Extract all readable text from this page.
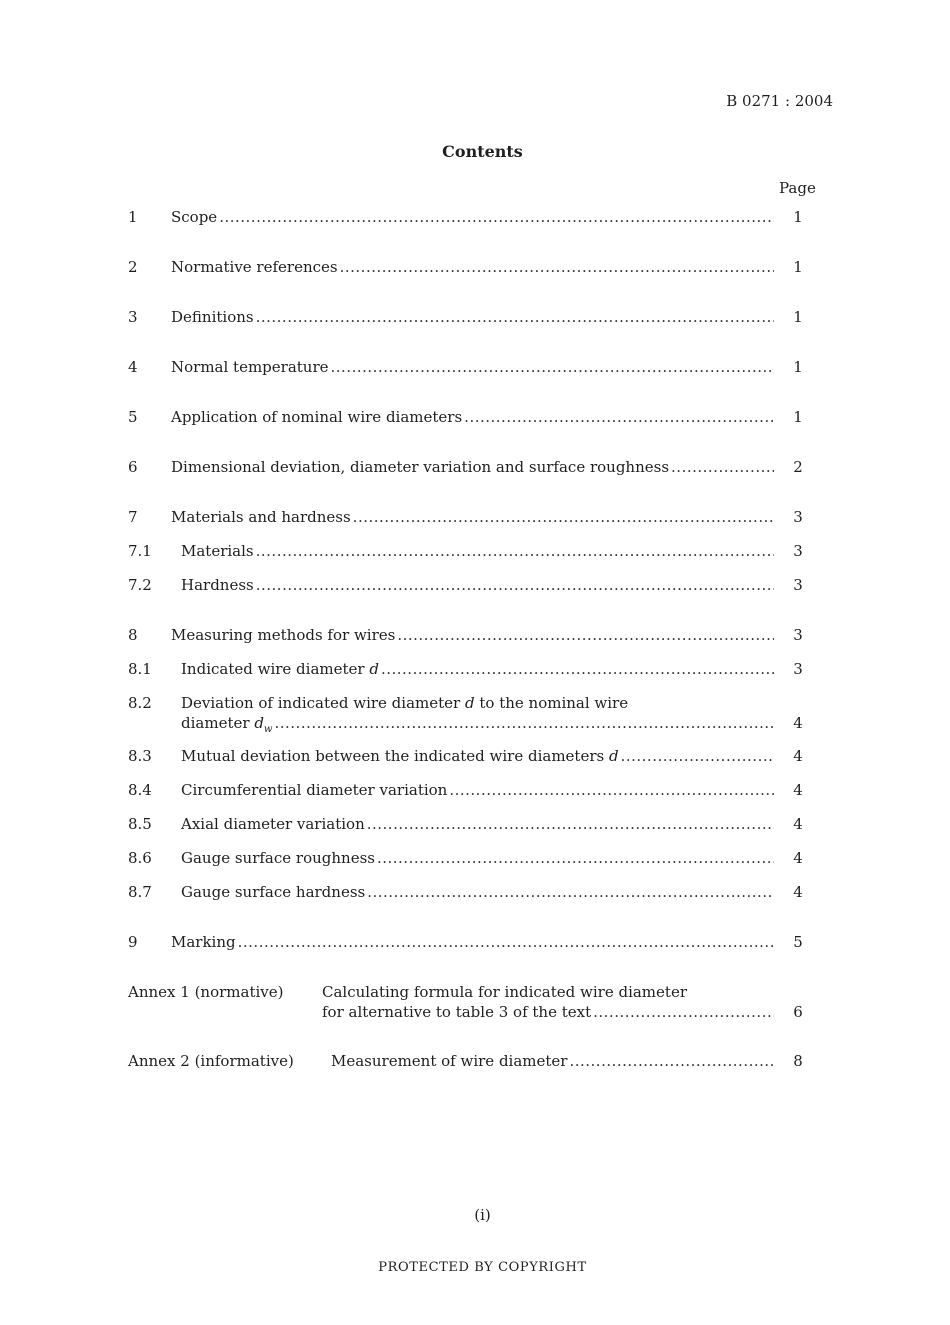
B 0271 : 2004
Contents
Page
1 Scope .....	1
2 Normative references .....	1
3 Definitions .....	1
4 Normal temperature .....	1
5 Application of nominal wire diameters .....	1
6 Dimensional deviation, diameter variation and surface roughness .....	2
7 Materials and hardness .....	3
7.1 Materials .....	3
7.2 Hardness .....	3
8 Measuring methods for wires .....	3
8.1 Indicated wire diameter d .....	3
8.2 Deviation of indicated wire diameter d to the nominal wire
diameter $d_w$ .....	4
8.3 Mutual deviation between the indicated wire diameters d .....	4
8.4 Circumferential diameter variation .....	4
8.5 Axial diameter variation .....	4
8.6 Gauge surface roughness .....	4
8.7 Gauge surface hardness .....	4
9 Marking .....	5
Annex 1 (normative)	Calculating formula for indicated wire diameter
for alternative to table 3 of the text .....	6
Annex 2 (informative) Measurement of wire diameter .....	8
(i)
PROTECTED BY COPYRIGHT
